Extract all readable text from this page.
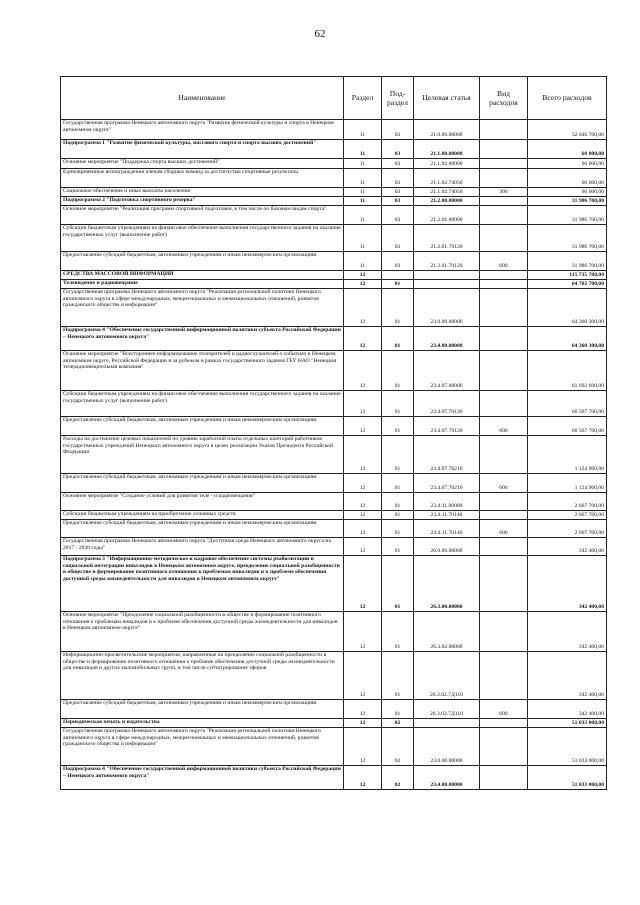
62
Наименование	Раздел	Под- раздел	Целевая статья	Вид расходов	Всего расходов
Государственная программа Ненецкого автономного округа "Развитие физической культуры и спорта в Ненецком автономном округе"	11	03	21.0.00.00000		32 046 700,00
Подпрограмма 1 "Развитие физической культуры, массового спорта и спорта высших достижений"	11	03	21.1.00.00000		60 000,00
Основное мероприятие "Поддержка спорта высших достижений"	11	03	21.1.02.00000		60 000,00
Единовременные вознаграждения членам сборных команд за достигнутые спортивные результаты	11	03	21.1.02.74050		60 000,00
Социальное обеспечение и иные выплаты населению	11	03	21.1.02.74050	300	60 000,00
Подпрограмма 2 "Подготовка спортивного резерва"	11	03	21.2.00.00000		31 986 700,00
Основное мероприятие "Реализация программ спортивной подготовки, в том числе по базовым видам спорта"	11	03	21.2.01.00000		31 986 700,00
Субсидии бюджетным учреждениям на финансовое обеспечение выполнения государственного задания на оказание государственных услуг (выполнение работ)	11	03	21.2.01.70120		31 986 700,00
Предоставление субсидий бюджетным, автономным учреждениям и иным некоммерческим организациям	11	03	21.2.01.70120	600	31 986 700,00
СРЕДСТВА МАССОВОЙ ИНФОРМАЦИИ	12				115 735 700,00
Телевидение и радиовещание	12	01			64 702 700,00
Государственная программа Ненецкого автономного округа "Реализация региональной политики Ненецкого автономного округа в сфере международных, межрегиональных и межнациональных отношений, развития гражданского общества и информации"	12	01	23.0.00.00000		64 360 300,00
Подпрограмма 4 "Обеспечение государственной информационной политики субъекта Российской Федерации – Ненецкого автономного округа"	12	01	23.4.00.00000		64 360 300,00
Основное мероприятие "Всестороннее информирование телезрителей и радиослушателей о событиях в Ненецком автономном округе, Российской Федерации и за рубежом в рамках государственного задания ГБУ НАО "Ненецкая телерадиовещательная компания"	12	01	23.4.07.00000		61 692 600,00
Субсидии бюджетным учреждениям на финансовое обеспечение выполнения государственного задания на оказание государственных услуг (выполнение работ)	12	01	23.4.07.70120		60 567 700,00
Предоставление субсидий бюджетным, автономным учреждениям и иным некоммерческим организациям	12	01	23.4.07.70120	600	60 567 700,00
Расходы на достижение целевых показателей по уровню заработной платы отдельных категорий работников государственных учреждений Ненецкого автономного округа в целях реализации Указов Президента Российской Федерации	12	01	23.4.07.70210		1 124 900,00
Предоставление субсидий бюджетным, автономным учреждениям и иным некоммерческим организациям	12	01	23.4.07.70210	600	1 124 900,00
Основное мероприятие "Создание условий для развития теле - и радиовещания"	12	01	23.4.11.00000		2 667 700,00
Субсидии бюджетным учреждениям на приобретение основных средств	12	01	23.4.11.70140		2 667 700,00
Предоставление субсидий бюджетным, автономным учреждениям и иным некоммерческим организациям	12	01	23.4.11.70140	600	2 667 700,00
Государственная программа Ненецкого автономного округа "Доступная среда Ненецкого автономного округа на 2017 - 2020 годы"	12	01	26.0.00.00000		342 400,00
Подпрограмма 3 "Информационно-методическое и кадровое обеспечение системы реабилитации и социальной интеграции инвалидов в Ненецком автономном округе, преодоление социальной разобщенности в обществе и формирование позитивного отношения к проблемам инвалидов и к проблеме обеспечения доступной среды жизнедеятельности для инвалидов в Ненецком автономном округе"	12	01	26.3.00.00000		342 400,00
Основное мероприятие "Преодоление социальной разобщенности в обществе и формирование позитивного отношения к проблемам инвалидов и к проблеме обеспечения доступной среды жизнедеятельности для инвалидов в Ненецком автономном округе"	12	01	26.3.02.00000		342 400,00
Информационно-просветительские мероприятия, направленные на преодоление социальной разобщенности в обществе и формирование позитивного отношения к проблеме обеспечения доступной среды жизнедеятельности для инвалидов и других маломобильных групп, в том числе субтитрирование эфиров	12	01	26.3.02.7Д110		342 400,00
Предоставление субсидий бюджетным, автономным учреждениям и иным некоммерческим организациям	12	01	26.3.02.7Д110	600	342 400,00
Периодическая печать и издательства	12	02			51 033 000,00
Государственная программа Ненецкого автономного округа "Реализация региональной политики Ненецкого автономного округа в сфере международных, межрегиональных и межнациональных отношений, развития гражданского общества и информации"	12	02	23.0.00.00000		51 033 000,00
Подпрограмма 4 "Обеспечение государственной информационной политики субъекта Российской Федерации – Ненецкого автономного округа"	12	02	23.4.00.00000		51 033 000,00
